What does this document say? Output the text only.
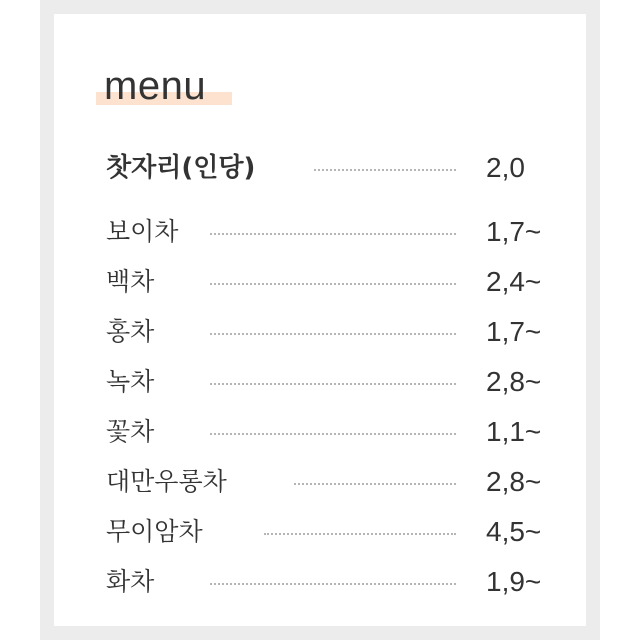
menu
찻자리(인당)	2,0
보이차	1,7~
백차	2,4~
홍차	1,7~
녹차	2,8~
꽃차	1,1~
대만우롱차	2,8~
무이암차	4,5~
화차	1,9~
